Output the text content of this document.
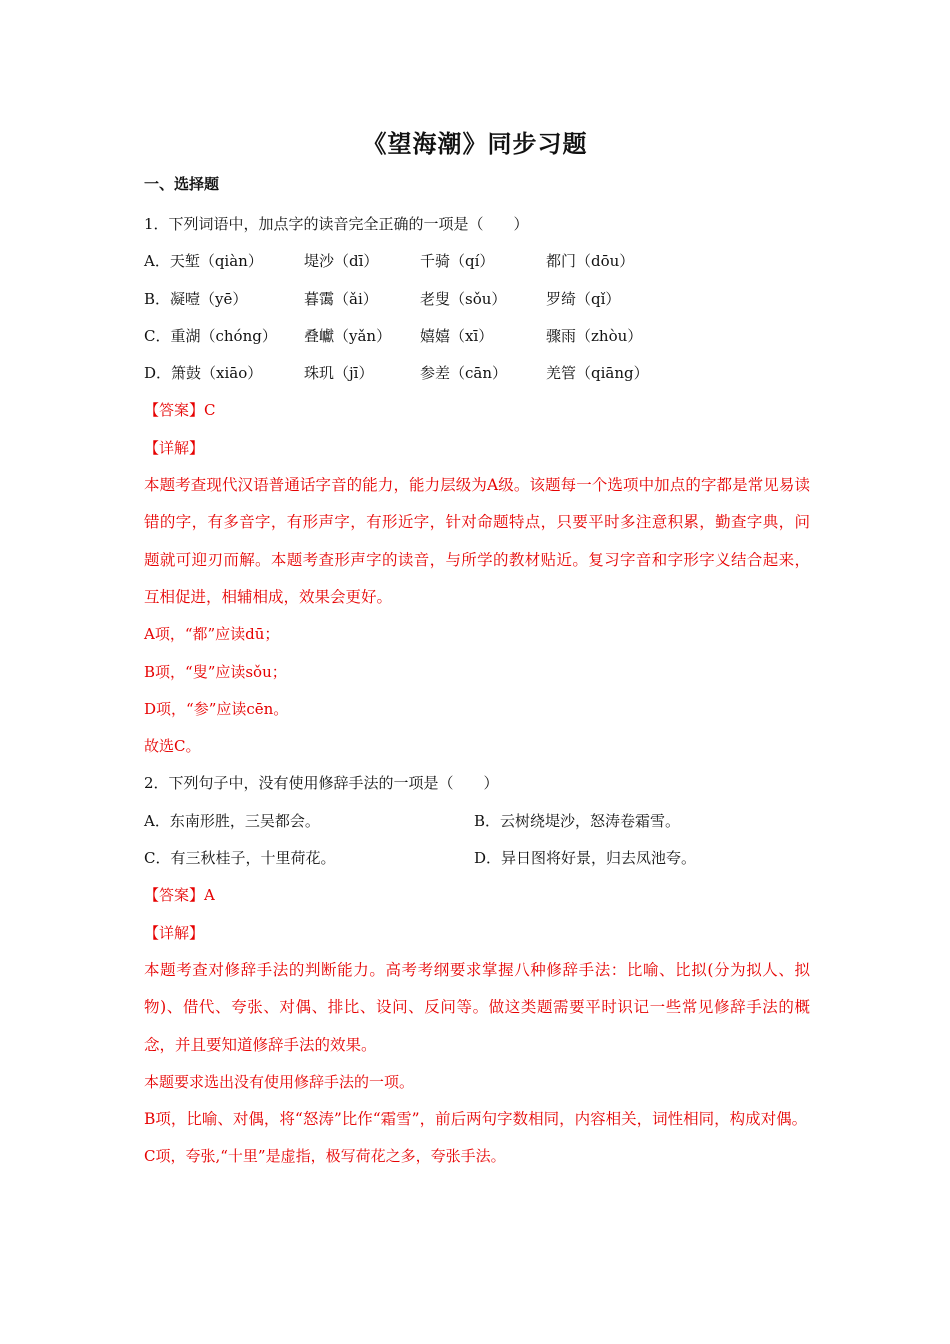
《望海潮》同步习题
一、选择题
1．下列词语中，加点字的读音完全正确的一项是（　　）
A．天堑（qiàn）	堤沙（dī）	千骑（qí）	都门（dōu）
B．凝噎（yē）	暮霭（ǎi）	老叟（sǒu）	罗绮（qǐ）
C．重湖（chóng）	叠巘（yǎn）	嬉嬉（xī）	骤雨（zhòu）
D．箫鼓（xiāo）	珠玑（jī）	参差（cān）	羌管（qiāng）
【答案】C
【详解】
本题考查现代汉语普通话字音的能力，能力层级为A级。该题每一个选项中加点的字都是常见易读错的字，有多音字，有形声字，有形近字，针对命题特点，只要平时多注意积累，勤查字典，问题就可迎刃而解。本题考查形声字的读音，与所学的教材贴近。复习字音和字形字义结合起来，互相促进，相辅相成，效果会更好。
A项，“都”应读dū；
B项，“叟”应读sǒu；
D项，“参”应读cēn。
故选C。
2．下列句子中，没有使用修辞手法的一项是（　　）
A．东南形胜，三吴都会。	B．云树绕堤沙，怒涛卷霜雪。
C．有三秋桂子，十里荷花。	D．异日图将好景，归去凤池夸。
【答案】A
【详解】
本题考查对修辞手法的判断能力。高考考纲要求掌握八种修辞手法：比喻、比拟(分为拟人、拟物)、借代、夸张、对偶、排比、设问、反问等。做这类题需要平时识记一些常见修辞手法的概念，并且要知道修辞手法的效果。
本题要求选出没有使用修辞手法的一项。
B项，比喻、对偶，将“怒涛”比作“霜雪”，前后两句字数相同，内容相关，词性相同，构成对偶。
C项，夸张,“十里”是虚指，极写荷花之多，夸张手法。
